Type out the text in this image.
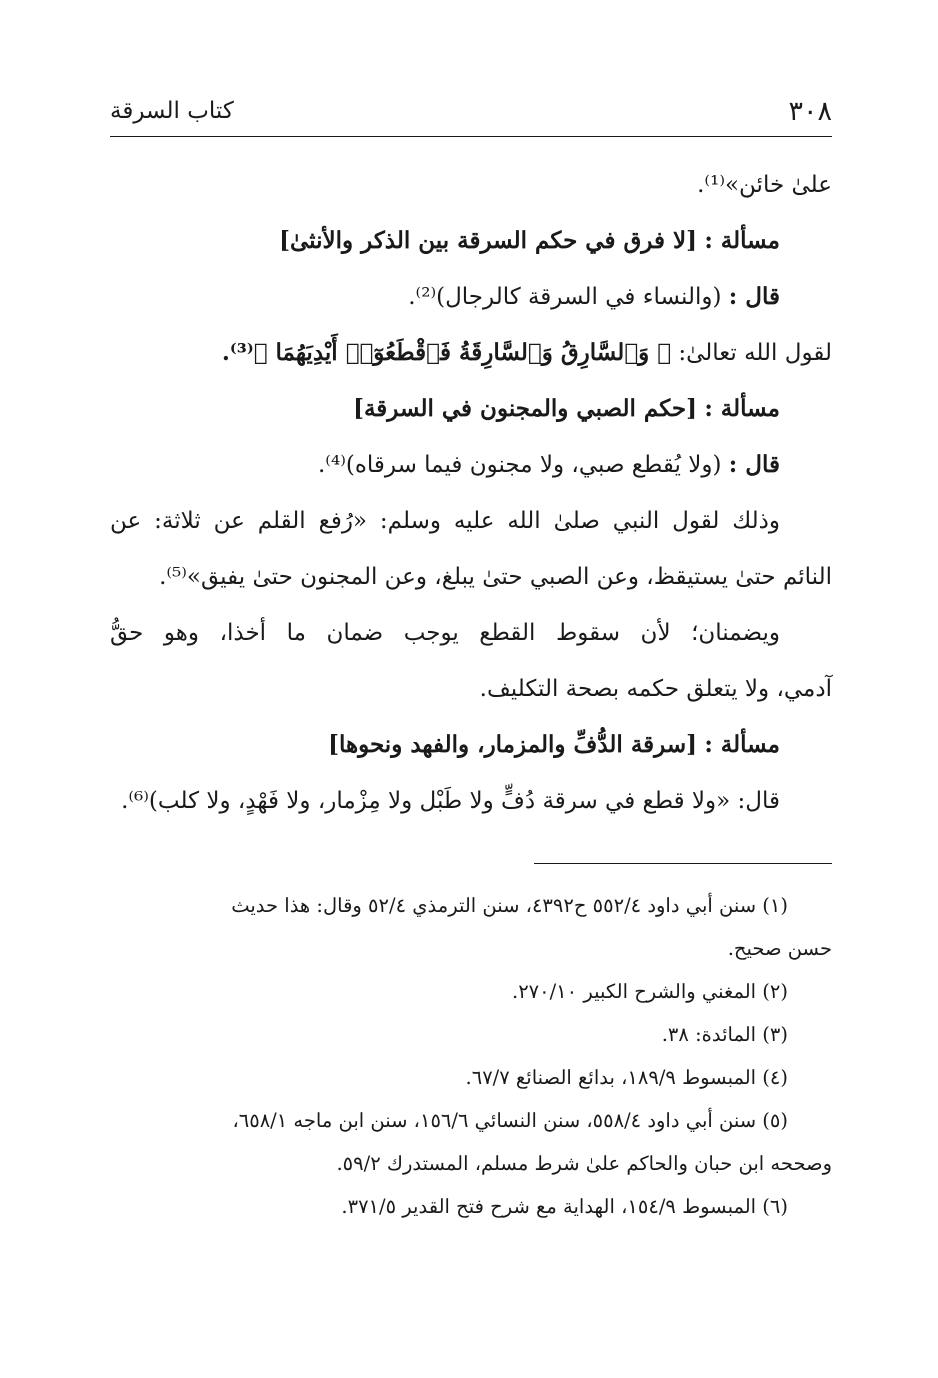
٣٠٨
كتاب السرقة
علىٰ خائن»⁽¹⁾.
مسألة : [لا فرق في حكم السرقة بين الذكر والأنثىٰ]
قال : (والنساء في السرقة كالرجال)⁽²⁾.
لقول الله تعالىٰ: ﴿ وَٱلسَّارِقُ وَٱلسَّارِقَةُ فَٱقْطَعُوٓا۟ أَيْدِيَهُمَا ﴾⁽³⁾.
مسألة : [حكم الصبي والمجنون في السرقة]
قال : (ولا يُقطع صبي، ولا مجنون فيما سرقاه)⁽⁴⁾.
وذلك لقول النبي صلىٰ الله عليه وسلم: «رُفع القلم عن ثلاثة: عن
النائم حتىٰ يستيقظ، وعن الصبي حتىٰ يبلغ، وعن المجنون حتىٰ يفيق»⁽⁵⁾.
ويضمنان؛ لأن سقوط القطع يوجب ضمان ما أخذا، وهو حقُّ
آدمي، ولا يتعلق حكمه بصحة التكليف.
مسألة : [سرقة الدُّفِّ والمزمار، والفهد ونحوها]
قال: «ولا قطع في سرقة دُفٍّ ولا طَبْل ولا مِزْمار، ولا فَهْدٍ، ولا كلب)⁽⁶⁾.
(١) سنن أبي داود ٥٥٢/٤ ح٤٣٩٢، سنن الترمذي ٥٢/٤ وقال: هذا حديث
حسن صحيح.
(٢) المغني والشرح الكبير ٢٧٠/١٠.
(٣) المائدة: ٣٨.
(٤) المبسوط ١٨٩/٩، بدائع الصنائع ٦٧/٧.
(٥) سنن أبي داود ٥٥٨/٤، سنن النسائي ١٥٦/٦، سنن ابن ماجه ٦٥٨/١،
وصححه ابن حبان والحاكم علىٰ شرط مسلم، المستدرك ٥٩/٢.
(٦) المبسوط ١٥٤/٩، الهداية مع شرح فتح القدير ٣٧١/٥.
